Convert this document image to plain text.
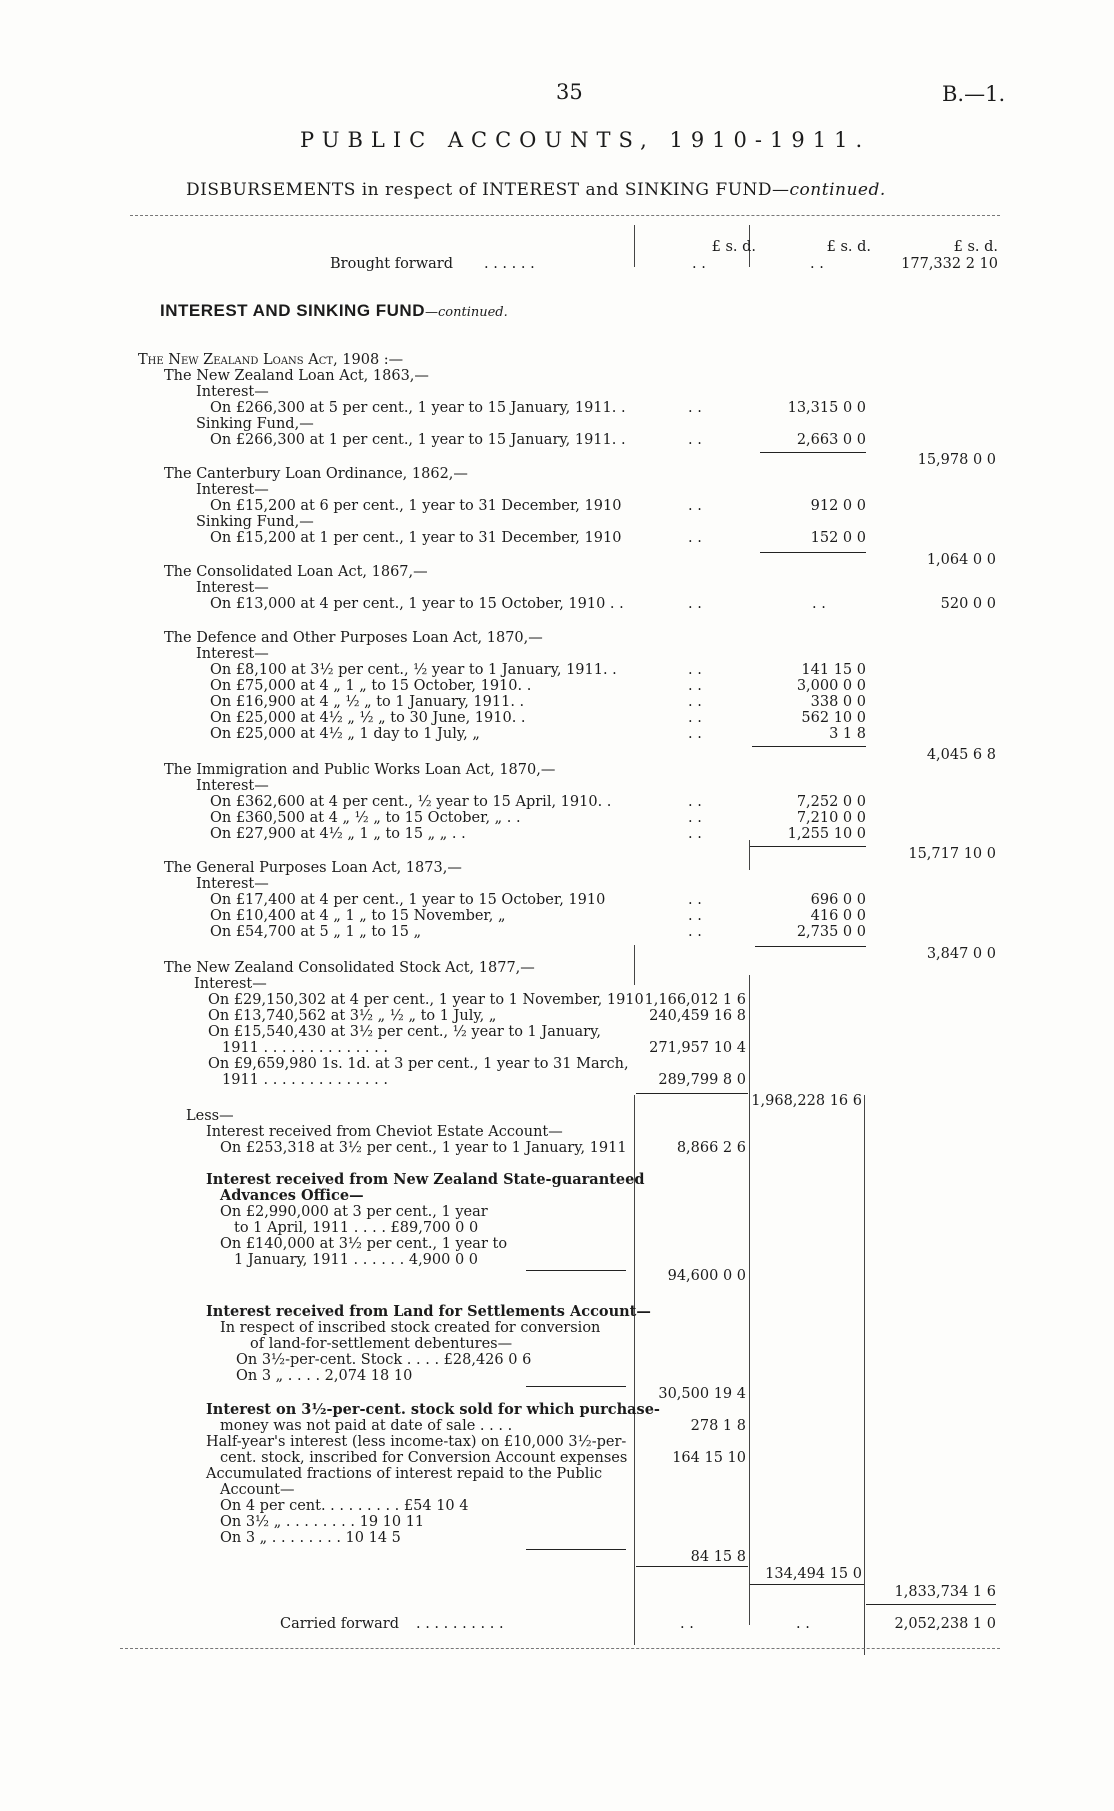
35	B.—1.
PUBLIC ACCOUNTS, 1910-1911.
DISBURSEMENTS in respect of INTEREST and SINKING FUND—continued.
£ s. d.	£ s. d.	£ s. d.
Brought forward . . . . . .	. .	. .	177,332 2 10
INTEREST AND SINKING FUND—continued.
The New Zealand Loans Act, 1908 :—
The New Zealand Loan Act, 1863,—
Interest—
On £266,300 at 5 per cent., 1 year to 15 January, 1911. .	. .	13,315 0 0
Sinking Fund,—
On £266,300 at 1 per cent., 1 year to 15 January, 1911. .	. .	2,663 0 0
15,978 0 0
The Canterbury Loan Ordinance, 1862,—
Interest—
On £15,200 at 6 per cent., 1 year to 31 December, 1910	. .	912 0 0
Sinking Fund,—
On £15,200 at 1 per cent., 1 year to 31 December, 1910	. .	152 0 0
1,064 0 0
The Consolidated Loan Act, 1867,—
Interest—
On £13,000 at 4 per cent., 1 year to 15 October, 1910 . .	. .	. .	520 0 0
The Defence and Other Purposes Loan Act, 1870,—
Interest—
On £8,100 at 3½ per cent., ½ year to 1 January, 1911. .	. .	141 15 0
On £75,000 at 4 „ 1 „ to 15 October, 1910. .	. .	3,000 0 0
On £16,900 at 4 „ ½ „ to 1 January, 1911. .	. .	338 0 0
On £25,000 at 4½ „ ½ „ to 30 June, 1910. .	. .	562 10 0
On £25,000 at 4½ „ 1 day to 1 July, „	. .	3 1 8
4,045 6 8
The Immigration and Public Works Loan Act, 1870,—
Interest—
On £362,600 at 4 per cent., ½ year to 15 April, 1910. .	. .	7,252 0 0
On £360,500 at 4 „ ½ „ to 15 October, „ . .	. .	7,210 0 0
On £27,900 at 4½ „ 1 „ to 15 „ „ . .	. .	1,255 10 0
15,717 10 0
The General Purposes Loan Act, 1873,—
Interest—
On £17,400 at 4 per cent., 1 year to 15 October, 1910	. .	696 0 0
On £10,400 at 4 „ 1 „ to 15 November, „	. .	416 0 0
On £54,700 at 5 „ 1 „ to 15 „	. .	2,735 0 0
3,847 0 0
The New Zealand Consolidated Stock Act, 1877,—
Interest—
On £29,150,302 at 4 per cent., 1 year to 1 November, 1910 1,166,012 1 6
On £13,740,562 at 3½ „ ½ „ to 1 July, „	240,459 16 8
On £15,540,430 at 3½ per cent., ½ year to 1 January,
1911 . . . . . . . . . . . . . .	271,957 10 4
On £9,659,980 1s. 1d. at 3 per cent., 1 year to 31 March,
1911 . . . . . . . . . . . . . .	289,799 8 0
1,968,228 16 6
Less—
Interest received from Cheviot Estate Account—
On £253,318 at 3½ per cent., 1 year to 1 January, 1911	8,866 2 6
Interest received from New Zealand State-guaranteed
Advances Office—
On £2,990,000 at 3 per cent., 1 year
to 1 April, 1911 . . . . £89,700 0 0
On £140,000 at 3½ per cent., 1 year to
1 January, 1911 . . . . . . 4,900 0 0
94,600 0 0
Interest received from Land for Settlements Account—
In respect of inscribed stock created for conversion
of land-for-settlement debentures—
On 3½-per-cent. Stock . . . . £28,426 0 6
On 3 „ . . . . 2,074 18 10
30,500 19 4
Interest on 3½-per-cent. stock sold for which purchase-
money was not paid at date of sale . . . .	278 1 8
Half-year's interest (less income-tax) on £10,000 3½-per-
cent. stock, inscribed for Conversion Account expenses	164 15 10
Accumulated fractions of interest repaid to the Public
Account—
On 4 per cent. . . . . . . . . £54 10 4
On 3½ „ . . . . . . . . 19 10 11
On 3 „ . . . . . . . . 10 14 5
84 15 8
134,494 15 0
1,833,734 1 6
Carried forward . . . . . . . . . .	. .	. .	2,052,238 1 0
